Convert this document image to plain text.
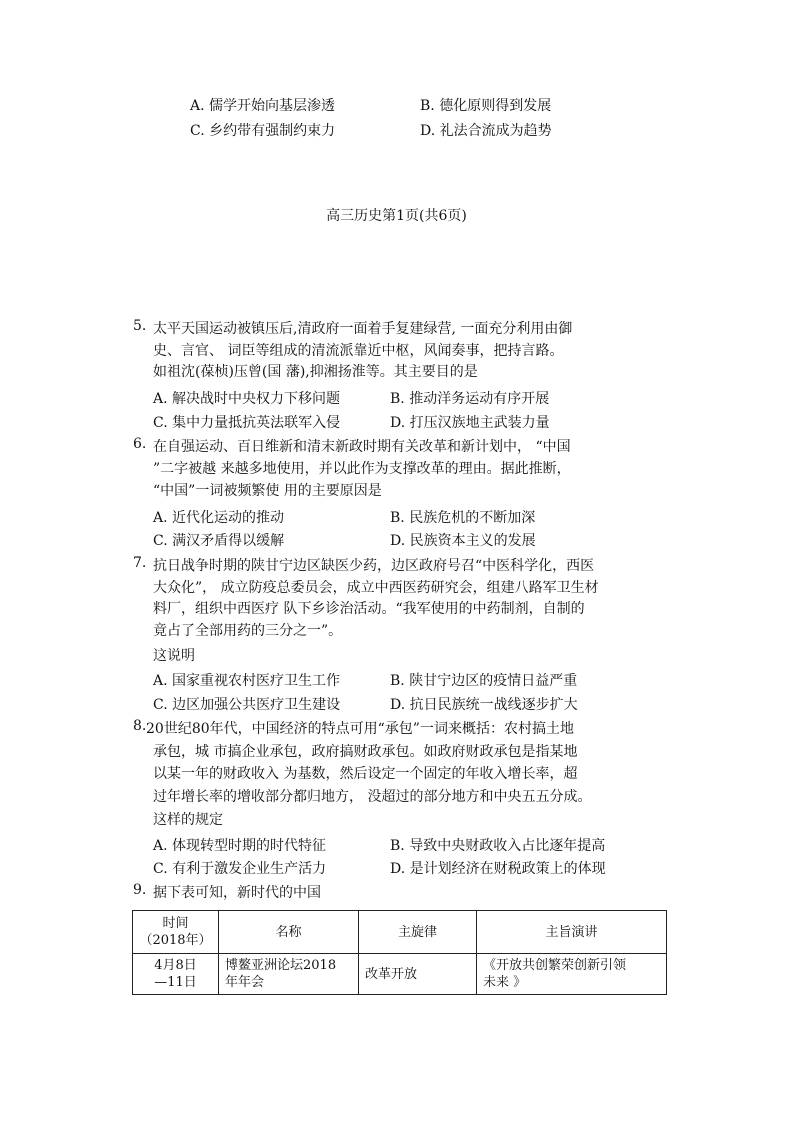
A. 儒学开始向基层渗透	B. 德化原则得到发展
C. 乡约带有强制约束力	D. 礼法合流成为趋势
高三历史第1页(共6页)
5. 太平天国运动被镇压后,清政府一面着手复建绿营, 一面充分利用由御
史、言官、 词臣等组成的清流派靠近中枢，风闻奏事，把持言路。
如祖沈(葆桢)压曾(国 藩),抑湘扬淮等。其主要目的是
A. 解决战时中央权力下移问题	B. 推动洋务运动有序开展
C. 集中力量抵抗英法联军入侵	D. 打压汉族地主武装力量
6. 在自强运动、百日维新和清末新政时期有关改革和新计划中， “中国
”二字被越 来越多地使用，并以此作为支撑改革的理由。据此推断，
“中国”一词被频繁使 用的主要原因是
A. 近代化运动的推动	B. 民族危机的不断加深
C. 满汉矛盾得以缓解	D. 民族资本主义的发展
7. 抗日战争时期的陕甘宁边区缺医少药，边区政府号召“中医科学化，西医
大众化”， 成立防疫总委员会，成立中西医药研究会，组建八路军卫生材
料厂，组织中西医疗 队下乡诊治活动。“我军使用的中药制剂，自制的
竟占了全部用药的三分之一”。
这说明
A. 国家重视农村医疗卫生工作	B. 陕甘宁边区的疫情日益严重
C. 边区加强公共医疗卫生建设	D. 抗日民族统一战线逐步扩大
8. 20世纪80年代，中国经济的特点可用“承包”一词来概括：农村搞土地
承包，城 市搞企业承包，政府搞财政承包。如政府财政承包是指某地
以某一年的财政收入 为基数，然后设定一个固定的年收入增长率，超
过年增长率的增收部分都归地方， 没超过的部分地方和中央五五分成。
这样的规定
A. 体现转型时期的时代特征	B. 导致中央财政收入占比逐年提高
C. 有利于激发企业生产活力	D. 是计划经济在财税政策上的体现
9. 据下表可知，新时代的中国
时间
（2018年）	名称	主旋律	主旨演讲
4月8日
—11日	博鳌亚洲论坛2018
年年会	改革开放	《开放共创繁荣创新引领
未来 》
